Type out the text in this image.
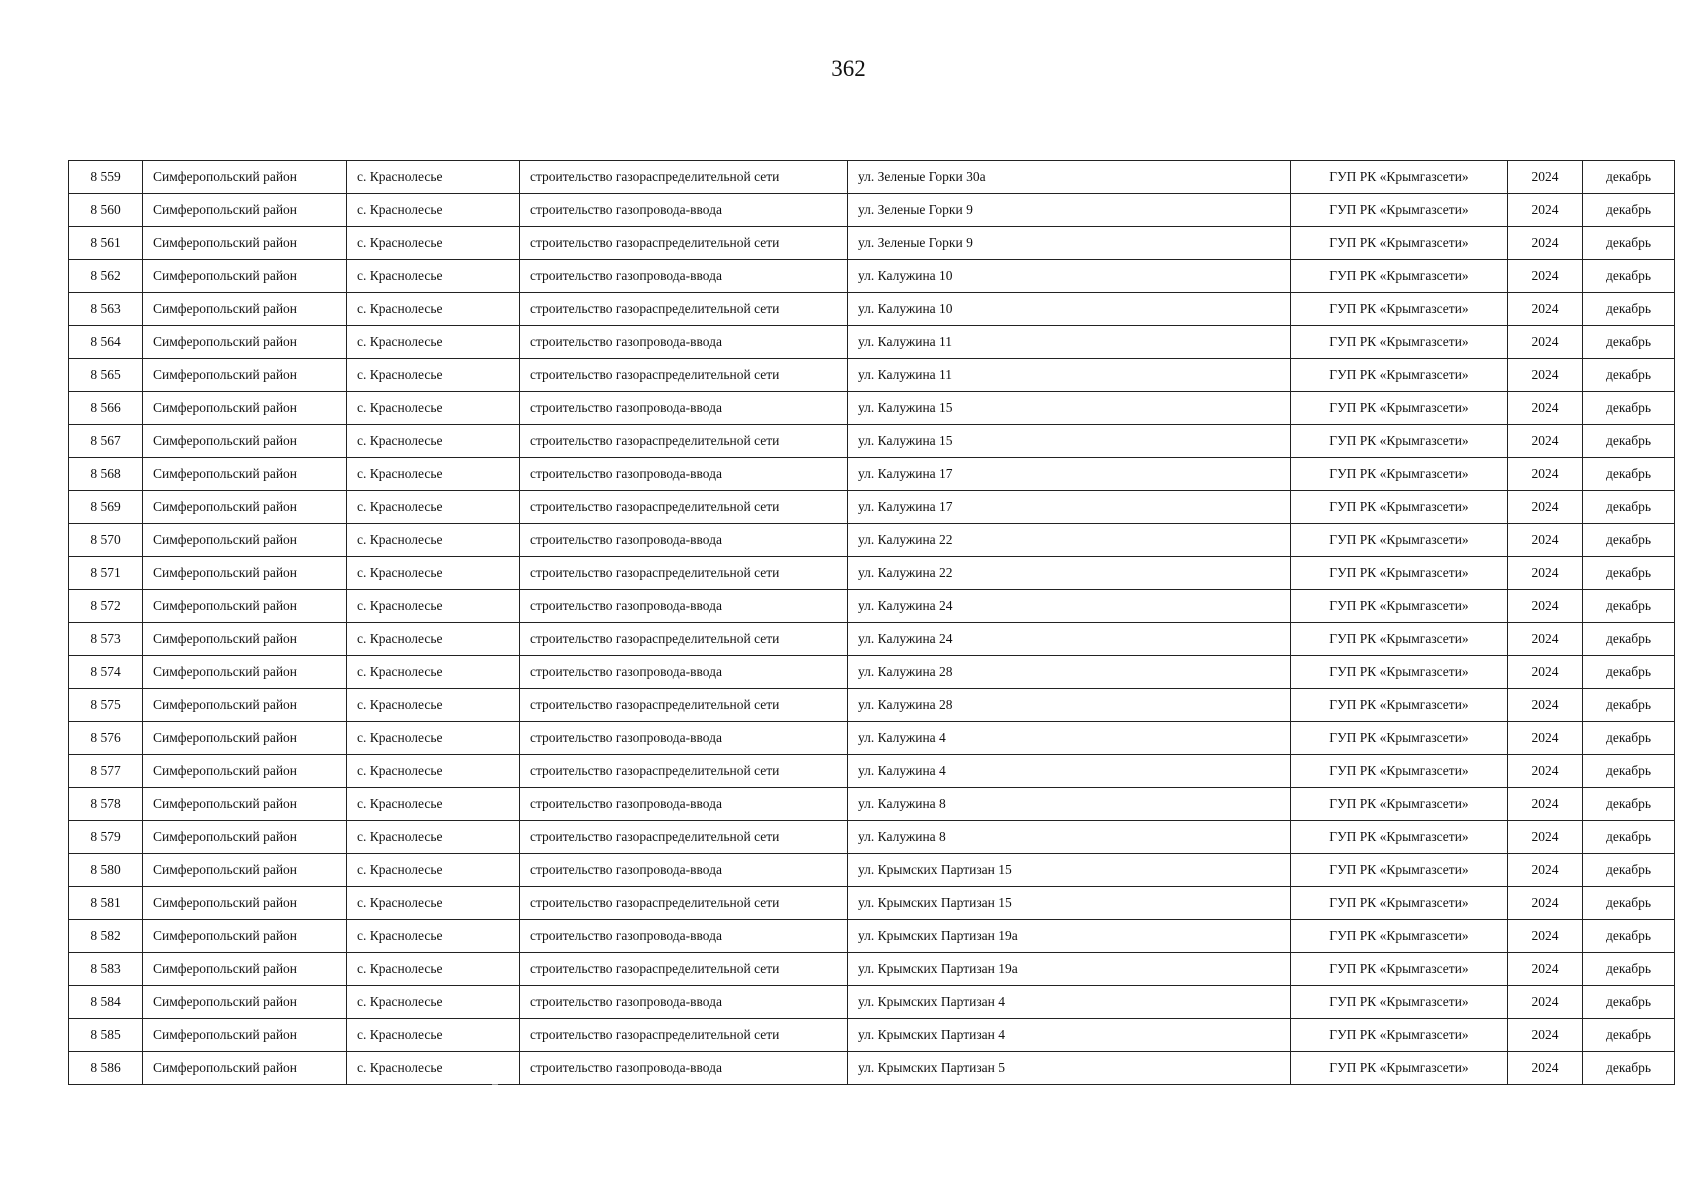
362
8 559	Симферопольский район	с. Краснолесье	строительство газораспределительной сети	ул. Зеленые Горки 30а	ГУП РК «Крымгазсети»	2024	декабрь
8 560	Симферопольский район	с. Краснолесье	строительство газопровода-ввода	ул. Зеленые Горки 9	ГУП РК «Крымгазсети»	2024	декабрь
8 561	Симферопольский район	с. Краснолесье	строительство газораспределительной сети	ул. Зеленые Горки 9	ГУП РК «Крымгазсети»	2024	декабрь
8 562	Симферопольский район	с. Краснолесье	строительство газопровода-ввода	ул. Калужина 10	ГУП РК «Крымгазсети»	2024	декабрь
8 563	Симферопольский район	с. Краснолесье	строительство газораспределительной сети	ул. Калужина 10	ГУП РК «Крымгазсети»	2024	декабрь
8 564	Симферопольский район	с. Краснолесье	строительство газопровода-ввода	ул. Калужина 11	ГУП РК «Крымгазсети»	2024	декабрь
8 565	Симферопольский район	с. Краснолесье	строительство газораспределительной сети	ул. Калужина 11	ГУП РК «Крымгазсети»	2024	декабрь
8 566	Симферопольский район	с. Краснолесье	строительство газопровода-ввода	ул. Калужина 15	ГУП РК «Крымгазсети»	2024	декабрь
8 567	Симферопольский район	с. Краснолесье	строительство газораспределительной сети	ул. Калужина 15	ГУП РК «Крымгазсети»	2024	декабрь
8 568	Симферопольский район	с. Краснолесье	строительство газопровода-ввода	ул. Калужина 17	ГУП РК «Крымгазсети»	2024	декабрь
8 569	Симферопольский район	с. Краснолесье	строительство газораспределительной сети	ул. Калужина 17	ГУП РК «Крымгазсети»	2024	декабрь
8 570	Симферопольский район	с. Краснолесье	строительство газопровода-ввода	ул. Калужина 22	ГУП РК «Крымгазсети»	2024	декабрь
8 571	Симферопольский район	с. Краснолесье	строительство газораспределительной сети	ул. Калужина 22	ГУП РК «Крымгазсети»	2024	декабрь
8 572	Симферопольский район	с. Краснолесье	строительство газопровода-ввода	ул. Калужина 24	ГУП РК «Крымгазсети»	2024	декабрь
8 573	Симферопольский район	с. Краснолесье	строительство газораспределительной сети	ул. Калужина 24	ГУП РК «Крымгазсети»	2024	декабрь
8 574	Симферопольский район	с. Краснолесье	строительство газопровода-ввода	ул. Калужина 28	ГУП РК «Крымгазсети»	2024	декабрь
8 575	Симферопольский район	с. Краснолесье	строительство газораспределительной сети	ул. Калужина 28	ГУП РК «Крымгазсети»	2024	декабрь
8 576	Симферопольский район	с. Краснолесье	строительство газопровода-ввода	ул. Калужина 4	ГУП РК «Крымгазсети»	2024	декабрь
8 577	Симферопольский район	с. Краснолесье	строительство газораспределительной сети	ул. Калужина 4	ГУП РК «Крымгазсети»	2024	декабрь
8 578	Симферопольский район	с. Краснолесье	строительство газопровода-ввода	ул. Калужина 8	ГУП РК «Крымгазсети»	2024	декабрь
8 579	Симферопольский район	с. Краснолесье	строительство газораспределительной сети	ул. Калужина 8	ГУП РК «Крымгазсети»	2024	декабрь
8 580	Симферопольский район	с. Краснолесье	строительство газопровода-ввода	ул. Крымских Партизан 15	ГУП РК «Крымгазсети»	2024	декабрь
8 581	Симферопольский район	с. Краснолесье	строительство газораспределительной сети	ул. Крымских Партизан 15	ГУП РК «Крымгазсети»	2024	декабрь
8 582	Симферопольский район	с. Краснолесье	строительство газопровода-ввода	ул. Крымских Партизан 19а	ГУП РК «Крымгазсети»	2024	декабрь
8 583	Симферопольский район	с. Краснолесье	строительство газораспределительной сети	ул. Крымских Партизан 19а	ГУП РК «Крымгазсети»	2024	декабрь
8 584	Симферопольский район	с. Краснолесье	строительство газопровода-ввода	ул. Крымских Партизан 4	ГУП РК «Крымгазсети»	2024	декабрь
8 585	Симферопольский район	с. Краснолесье	строительство газораспределительной сети	ул. Крымских Партизан 4	ГУП РК «Крымгазсети»	2024	декабрь
8 586	Симферопольский район	с. Краснолесье	строительство газопровода-ввода	ул. Крымских Партизан 5	ГУП РК «Крымгазсети»	2024	декабрь
